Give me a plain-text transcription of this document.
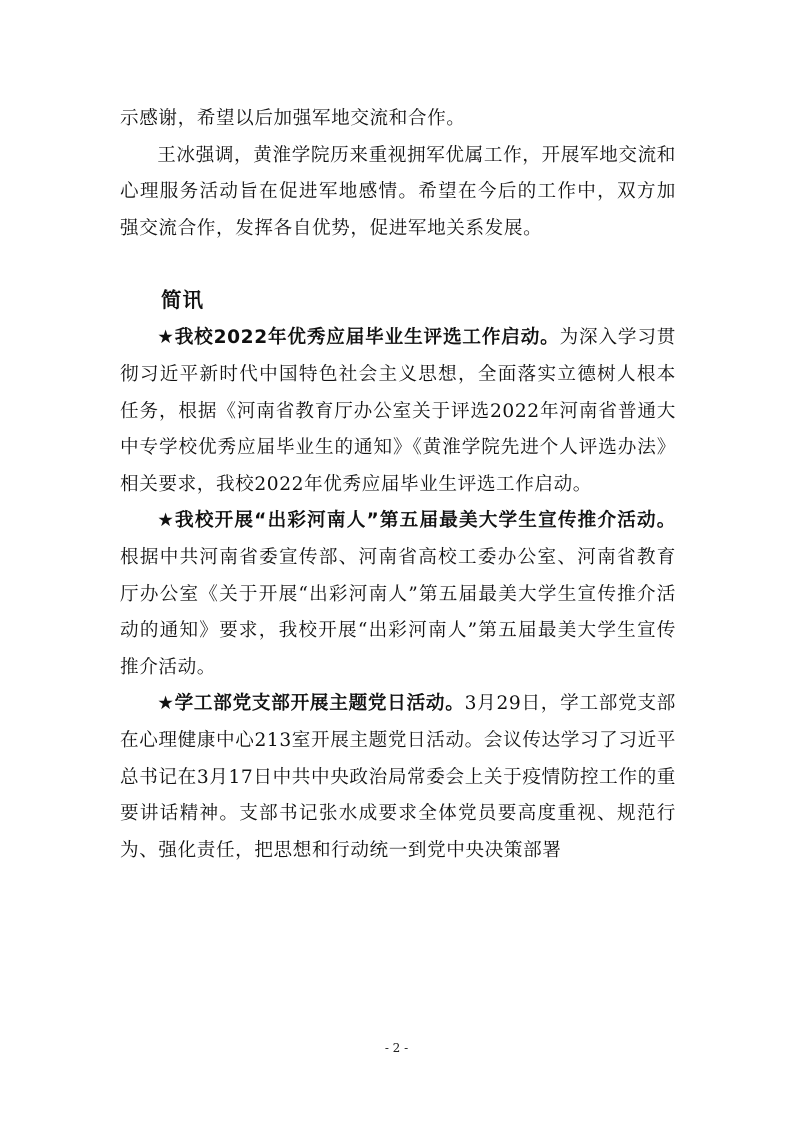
示感谢，希望以后加强军地交流和合作。

王冰强调，黄淮学院历来重视拥军优属工作，开展军地交流和心理服务活动旨在促进军地感情。希望在今后的工作中，双方加强交流合作，发挥各自优势，促进军地关系发展。

简讯

★我校2022年优秀应届毕业生评选工作启动。为深入学习贯彻习近平新时代中国特色社会主义思想，全面落实立德树人根本任务，根据《河南省教育厅办公室关于评选2022年河南省普通大中专学校优秀应届毕业生的通知》《黄淮学院先进个人评选办法》相关要求，我校2022年优秀应届毕业生评选工作启动。

★我校开展“出彩河南人”第五届最美大学生宣传推介活动。根据中共河南省委宣传部、河南省高校工委办公室、河南省教育厅办公室《关于开展“出彩河南人”第五届最美大学生宣传推介活动的通知》要求，我校开展“出彩河南人”第五届最美大学生宣传推介活动。

★学工部党支部开展主题党日活动。3月29日，学工部党支部在心理健康中心213室开展主题党日活动。会议传达学习了习近平总书记在3月17日中共中央政治局常委会上关于疫情防控工作的重要讲话精神。支部书记张水成要求全体党员要高度重视、规范行为、强化责任，把思想和行动统一到党中央决策部署

- 2 -
